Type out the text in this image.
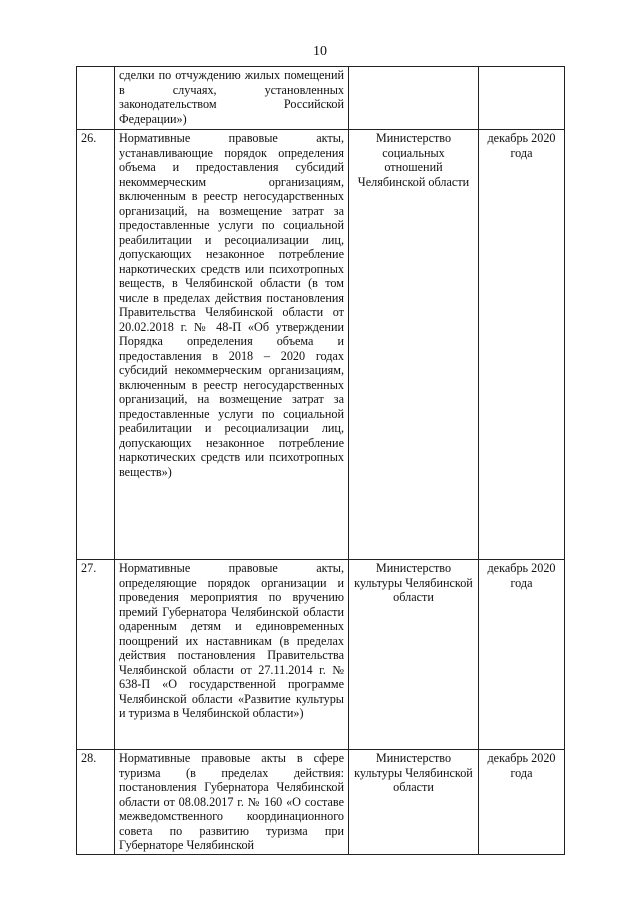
10
	сделки по отчуждению жилых помещений в случаях, установленных законодательством Российской Федерации»)		
26.	Нормативные правовые акты, устанавливающие порядок определения объема и предоставления субсидий некоммерческим организациям, включенным в реестр негосударственных организаций, на возмещение затрат за предоставленные услуги по социальной реабилитации и ресоциализации лиц, допускающих незаконное потребление наркотических средств или психотропных веществ, в Челябинской области (в том числе в пределах действия постановления Правительства Челябинской области от 20.02.2018 г. № 48-П «Об утверждении Порядка определения объема и предоставления в 2018 – 2020 годах субсидий некоммерческим организациям, включенным в реестр негосударственных организаций, на возмещение затрат за предоставленные услуги по социальной реабилитации и ресоциализации лиц, допускающих незаконное потребление наркотических средств или психотропных веществ»)	Министерство социальных отношений Челябинской области	декабрь 2020 года
27.	Нормативные правовые акты, определяющие порядок организации и проведения мероприятия по вручению премий Губернатора Челябинской области одаренным детям и единовременных поощрений их наставникам (в пределах действия постановления Правительства Челябинской области от 27.11.2014 г. № 638-П «О государственной программе Челябинской области «Развитие культуры и туризма в Челябинской области»)	Министерство культуры Челябинской области	декабрь 2020 года
28.	Нормативные правовые акты в сфере туризма (в пределах действия: постановления Губернатора Челябинской области от 08.08.2017 г. № 160 «О составе межведомственного координационного совета по развитию туризма при Губернаторе Челябинской	Министерство культуры Челябинской области	декабрь 2020 года
